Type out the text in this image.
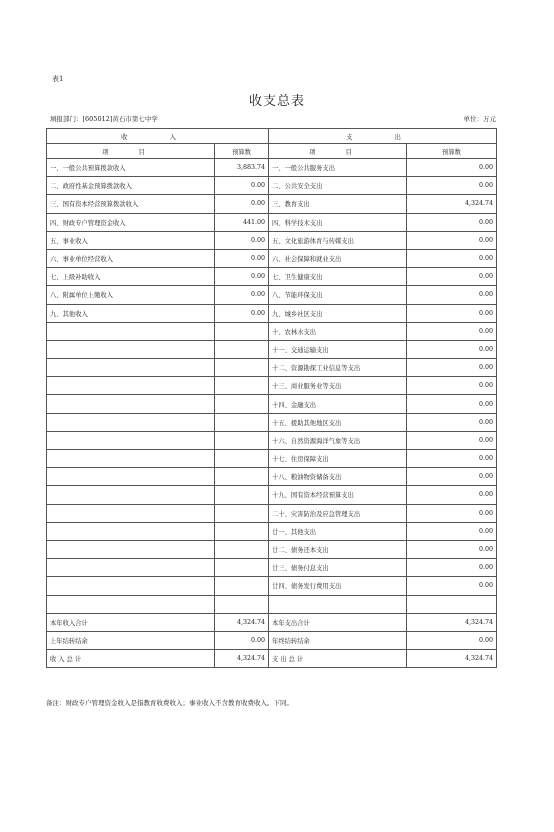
表1
收支总表
填报部门：[605012]黄石市第七中学	单位：万元
收　入		支　出	
项 目	预算数	项 目	预算数
一、一般公共预算拨款收入	3,883.74	一、一般公共服务支出	0.00
二、政府性基金预算拨款收入	0.00	二、公共安全支出	0.00
三、国有资本经营预算拨款收入	0.00	三、教育支出	4,324.74
四、财政专户管理资金收入	441.00	四、科学技术支出	0.00
五、事业收入	0.00	五、文化旅游体育与传媒支出	0.00
六、事业单位经营收入	0.00	六、社会保障和就业支出	0.00
七、上级补助收入	0.00	七、卫生健康支出	0.00
八、附属单位上缴收入	0.00	八、节能环保支出	0.00
九、其他收入	0.00	九、城乡社区支出	0.00
		十、农林水支出	0.00
		十一、交通运输支出	0.00
		十二、资源勘探工业信息等支出	0.00
		十三、商业服务业等支出	0.00
		十四、金融支出	0.00
		十五、援助其他地区支出	0.00
		十六、自然资源海洋气象等支出	0.00
		十七、住房保障支出	0.00
		十八、粮油物资储备支出	0.00
		十九、国有资本经营预算支出	0.00
		二十、灾害防治及应急管理支出	0.00
		廿一、其他支出	0.00
		廿二、债务还本支出	0.00
		廿三、债务付息支出	0.00
		廿四、债务发行费用支出	0.00

本年收入合计	4,324.74	本年支出合计	4,324.74
上年结转结余	0.00	年终结转结余	0.00
收 入 总 计	4,324.74	支 出 总 计	4,324.74
备注：财政专户管理资金收入是指教育收费收入；事业收入不含教育收费收入。下同。
